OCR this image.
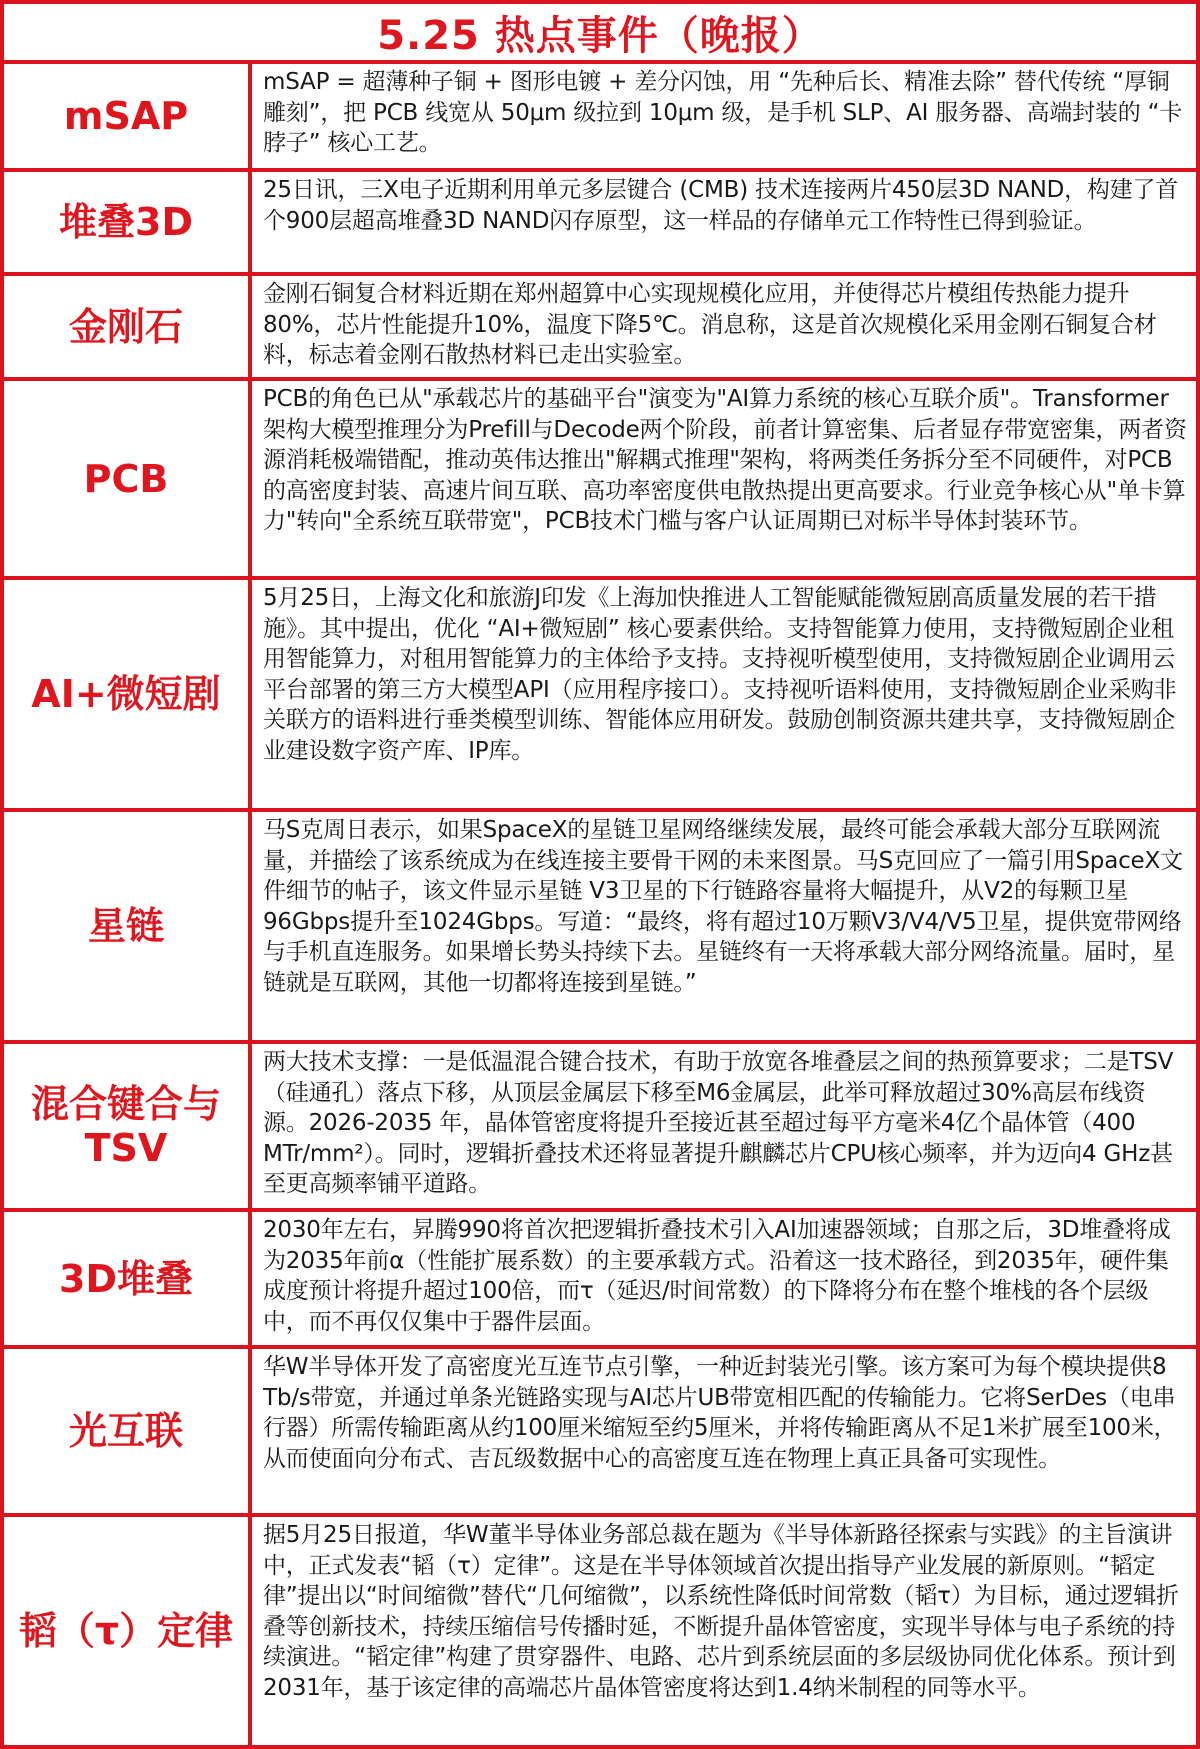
5.25 热点事件（晚报）
mSAP
mSAP = 超薄种子铜 + 图形电镀 + 差分闪蚀，用 “先种后长、精准去除” 替代传统 “厚铜雕刻”，把 PCB 线宽从 50μm 级拉到 10μm 级，是手机 SLP、AI 服务器、高端封装的 “卡脖子” 核心工艺。
堆叠3D
25日讯，三X电子近期利用单元多层键合 (CMB) 技术连接两片450层3D NAND，构建了首个900层超高堆叠3D NAND闪存原型，这一样品的存储单元工作特性已得到验证。
金刚石
金刚石铜复合材料近期在郑州超算中心实现规模化应用，并使得芯片模组传热能力提升80%，芯片性能提升10%，温度下降5℃。消息称，这是首次规模化采用金刚石铜复合材料，标志着金刚石散热材料已走出实验室。
PCB
PCB的角色已从"承载芯片的基础平台"演变为"AI算力系统的核心互联介质"。Transformer架构大模型推理分为Prefill与Decode两个阶段，前者计算密集、后者显存带宽密集，两者资源消耗极端错配，推动英伟达推出"解耦式推理"架构，将两类任务拆分至不同硬件，对PCB的高密度封装、高速片间互联、高功率密度供电散热提出更高要求。行业竞争核心从"单卡算力"转向"全系统互联带宽"，PCB技术门槛与客户认证周期已对标半导体封装环节。
AI+微短剧
5月25日，上海文化和旅游J印发《上海加快推进人工智能赋能微短剧高质量发展的若干措施》。其中提出，优化 “AI+微短剧” 核心要素供给。支持智能算力使用，支持微短剧企业租用智能算力，对租用智能算力的主体给予支持。支持视听模型使用，支持微短剧企业调用云平台部署的第三方大模型API（应用程序接口）。支持视听语料使用，支持微短剧企业采购非关联方的语料进行垂类模型训练、智能体应用研发。鼓励创制资源共建共享，支持微短剧企业建设数字资产库、IP库。
星链
马S克周日表示，如果SpaceX的星链卫星网络继续发展，最终可能会承载大部分互联网流量，并描绘了该系统成为在线连接主要骨干网的未来图景。马S克回应了一篇引用SpaceX文件细节的帖子，该文件显示星链 V3卫星的下行链路容量将大幅提升，从V2的每颗卫星96Gbps提升至1024Gbps。写道：“最终，将有超过10万颗V3/V4/V5卫星，提供宽带网络与手机直连服务。如果增长势头持续下去。星链终有一天将承载大部分网络流量。届时，星链就是互联网，其他一切都将连接到星链。”
混合键合与
TSV
两大技术支撑：一是低温混合键合技术，有助于放宽各堆叠层之间的热预算要求；二是TSV（硅通孔）落点下移，从顶层金属层下移至M6金属层，此举可释放超过30%高层布线资源。2026-2035 年，晶体管密度将提升至接近甚至超过每平方毫米4亿个晶体管（400 MTr/mm²）。同时，逻辑折叠技术还将显著提升麒麟芯片CPU核心频率，并为迈向4 GHz甚至更高频率铺平道路。
3D堆叠
2030年左右，昇腾990将首次把逻辑折叠技术引入AI加速器领域；自那之后，3D堆叠将成为2035年前α（性能扩展系数）的主要承载方式。沿着这一技术路径，到2035年，硬件集成度预计将提升超过100倍，而τ（延迟/时间常数）的下降将分布在整个堆栈的各个层级中，而不再仅仅集中于器件层面。
光互联
华W半导体开发了高密度光互连节点引擎，一种近封装光引擎。该方案可为每个模块提供8 Tb/s带宽，并通过单条光链路实现与AI芯片UB带宽相匹配的传输能力。它将SerDes（电串行器）所需传输距离从约100厘米缩短至约5厘米，并将传输距离从不足1米扩展至100米，从而使面向分布式、吉瓦级数据中心的高密度互连在物理上真正具备可实现性。
韬（τ）定律
据5月25日报道，华W董半导体业务部总裁在题为《半导体新路径探索与实践》的主旨演讲中，正式发表“韬（τ）定律”。这是在半导体领域首次提出指导产业发展的新原则。“韬定律”提出以“时间缩微”替代“几何缩微”，以系统性降低时间常数（韬τ）为目标，通过逻辑折叠等创新技术，持续压缩信号传播时延，不断提升晶体管密度，实现半导体与电子系统的持续演进。“韬定律”构建了贯穿器件、电路、芯片到系统层面的多层级协同优化体系。预计到2031年，基于该定律的高端芯片晶体管密度将达到1.4纳米制程的同等水平。
